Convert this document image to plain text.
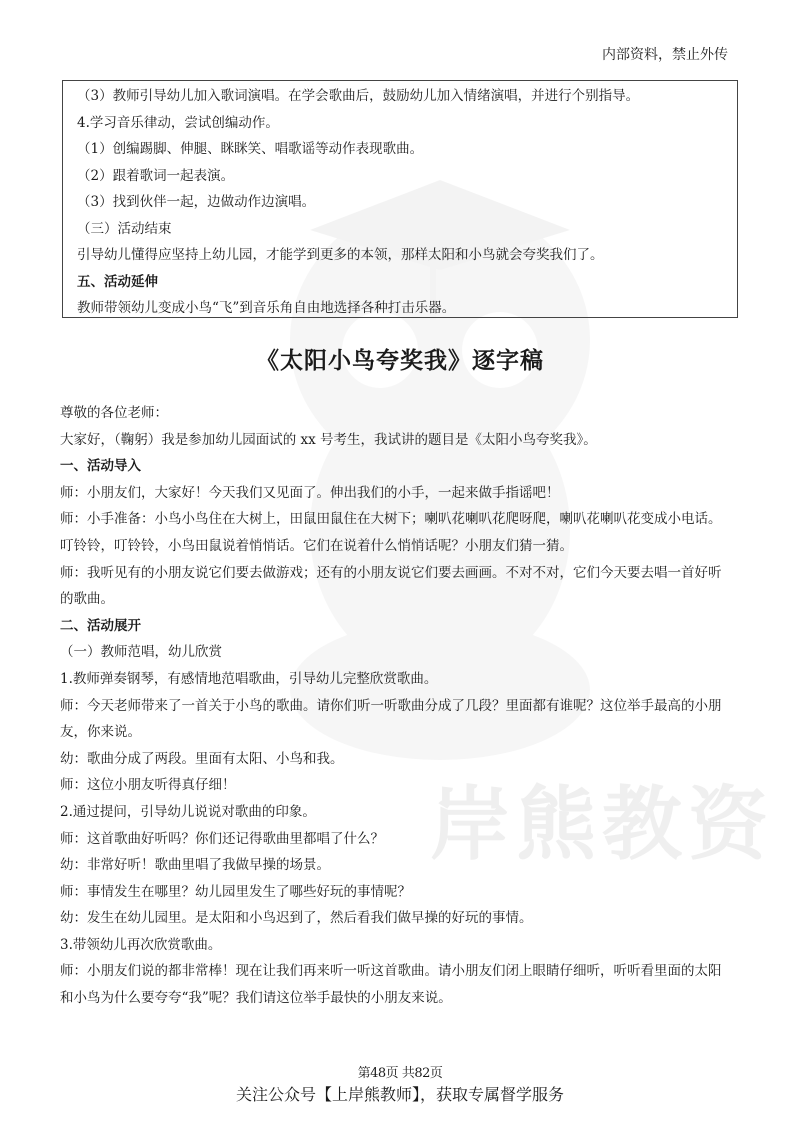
岸熊教资
内部资料，禁止外传
（3）教师引导幼儿加入歌词演唱。在学会歌曲后，鼓励幼儿加入情绪演唱，并进行个别指导。
4.学习音乐律动，尝试创编动作。
（1）创编踢脚、伸腿、眯眯笑、唱歌谣等动作表现歌曲。
（2）跟着歌词一起表演。
（3）找到伙伴一起，边做动作边演唱。
（三）活动结束
引导幼儿懂得应坚持上幼儿园，才能学到更多的本领，那样太阳和小鸟就会夸奖我们了。
五、活动延伸
教师带领幼儿变成小鸟“飞”到音乐角自由地选择各种打击乐器。
《太阳小鸟夸奖我》逐字稿
尊敬的各位老师：
大家好，（鞠躬）我是参加幼儿园面试的 xx 号考生，我试讲的题目是《太阳小鸟夸奖我》。
一、活动导入
师：小朋友们，大家好！今天我们又见面了。伸出我们的小手，一起来做手指谣吧！
师：小手准备：小鸟小鸟住在大树上，田鼠田鼠住在大树下；喇叭花喇叭花爬呀爬，喇叭花喇叭花变成小电话。
叮铃铃，叮铃铃，小鸟田鼠说着悄悄话。它们在说着什么悄悄话呢？小朋友们猜一猜。
师：我听见有的小朋友说它们要去做游戏；还有的小朋友说它们要去画画。不对不对，它们今天要去唱一首好听
的歌曲。
二、活动展开
（一）教师范唱，幼儿欣赏
1.教师弹奏钢琴，有感情地范唱歌曲，引导幼儿完整欣赏歌曲。
师：今天老师带来了一首关于小鸟的歌曲。请你们听一听歌曲分成了几段？里面都有谁呢？这位举手最高的小朋
友，你来说。
幼：歌曲分成了两段。里面有太阳、小鸟和我。
师：这位小朋友听得真仔细！
2.通过提问，引导幼儿说说对歌曲的印象。
师：这首歌曲好听吗？你们还记得歌曲里都唱了什么？
幼：非常好听！歌曲里唱了我做早操的场景。
师：事情发生在哪里？幼儿园里发生了哪些好玩的事情呢？
幼：发生在幼儿园里。是太阳和小鸟迟到了，然后看我们做早操的好玩的事情。
3.带领幼儿再次欣赏歌曲。
师：小朋友们说的都非常棒！现在让我们再来听一听这首歌曲。请小朋友们闭上眼睛仔细听，听听看里面的太阳
和小鸟为什么要夸夸“我”呢？我们请这位举手最快的小朋友来说。
第48页 共82页
关注公众号【上岸熊教师】，获取专属督学服务
